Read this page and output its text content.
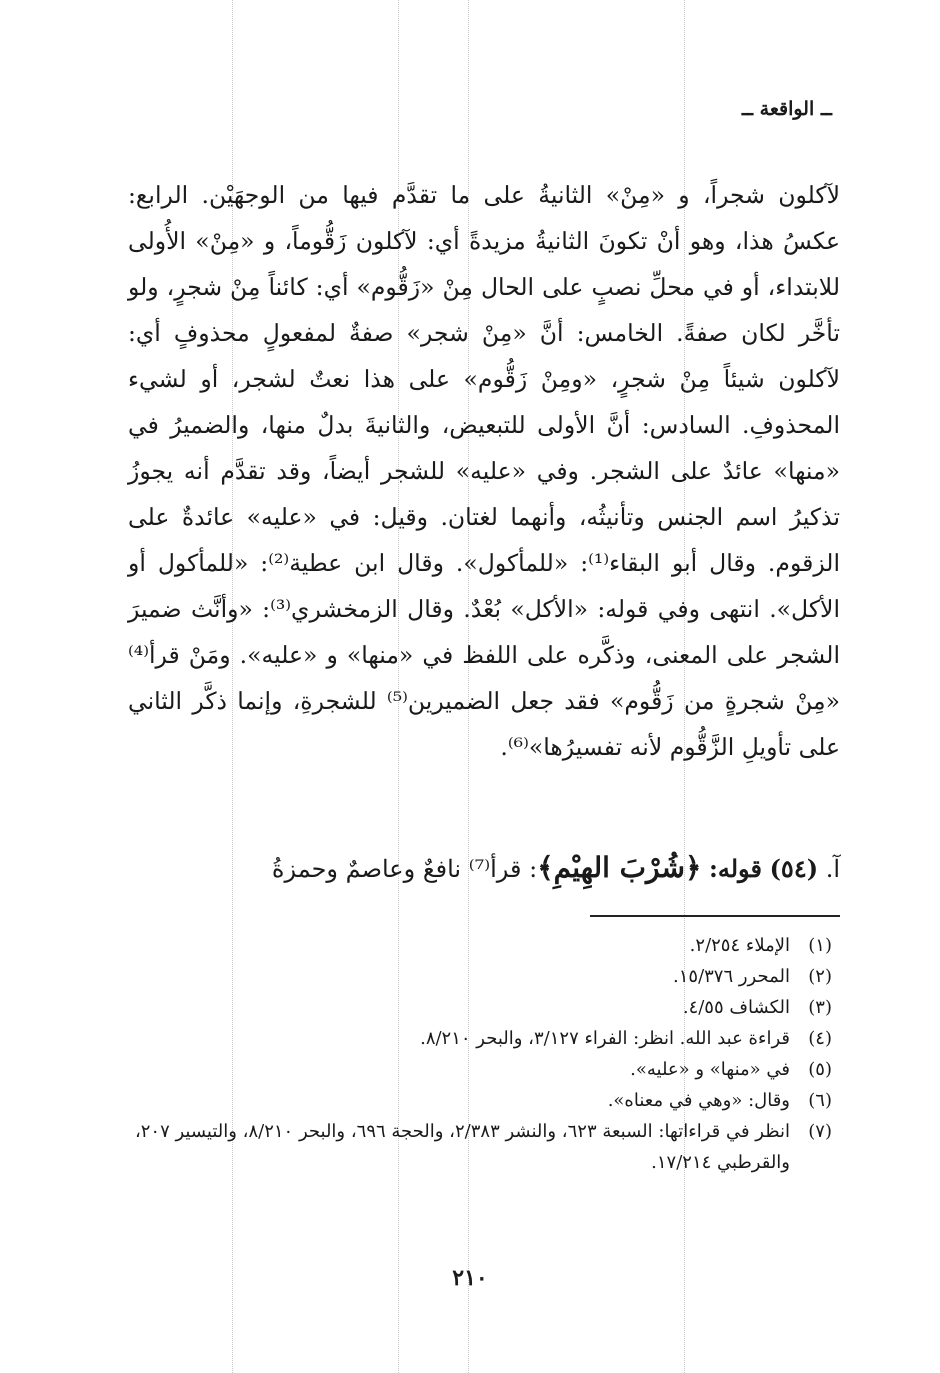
ــ الواقعة ــ

لآكلون شجراً، و «مِنْ» الثانيةُ على ما تقدَّم فيها من الوجهَيْن. الرابع: عكسُ هذا، وهو أنْ تكونَ الثانيةُ مزيدةً أي: لآكلون زَقُّوماً، و «مِنْ» الأُولى للابتداء، أو في محلِّ نصبٍ على الحال مِنْ «زَقُّوم» أي: كائناً مِنْ شجرٍ، ولو تأخَّر لكان صفةً. الخامس: أنَّ «مِنْ شجر» صفةٌ لمفعولٍ محذوفٍ أي: لآكلون شيئاً مِنْ شجرٍ، «ومِنْ زَقُّوم» على هذا نعتٌ لشجر، أو لشيء المحذوفِ. السادس: أنَّ الأولى للتبعيض، والثانيةَ بدلٌ منها، والضميرُ في «منها» عائدٌ على الشجر. وفي «عليه» للشجر أيضاً، وقد تقدَّم أنه يجوزُ تذكيرُ اسم الجنس وتأنيثُه، وأنهما لغتان. وقيل: في «عليه» عائدةٌ على الزقوم. وقال أبو البقاء⁽¹⁾: «للمأكول». وقال ابن عطية⁽²⁾: «للمأكول أو الأكل». انتهى وفي قوله: «الأكل» بُعْدٌ. وقال الزمخشري⁽³⁾: «وأنَّث ضميرَ الشجر على المعنى، وذكَّره على اللفظ في «منها» و «عليه». ومَنْ قرأ⁽⁴⁾ «مِنْ شجرةٍ من زَقُّوم» فقد جعل الضميرين⁽⁵⁾ للشجرةِ، وإنما ذكَّر الثاني على تأويلِ الزَّقُّوم لأنه تفسيرُها»⁽⁶⁾.

آ. (٥٤) قوله: ﴿شُرْبَ الهِيْمِ﴾: قرأ⁽⁷⁾ نافعٌ وعاصمٌ وحمزةُ
(١)
الإملاء ٢/٢٥٤.
(٢)
المحرر ١٥/٣٧٦.
(٣)
الكشاف ٤/٥٥.
(٤)
قراءة عبد الله. انظر: الفراء ٣/١٢٧، والبحر ٨/٢١٠.
(٥)
في «منها» و «عليه».
(٦)
وقال: «وهي في معناه».
(٧)
انظر في قراءاتها: السبعة ٦٢٣، والنشر ٢/٣٨٣، والحجة ٦٩٦، والبحر ٨/٢١٠، والتيسير ٢٠٧، والقرطبي ١٧/٢١٤.
٢١٠
